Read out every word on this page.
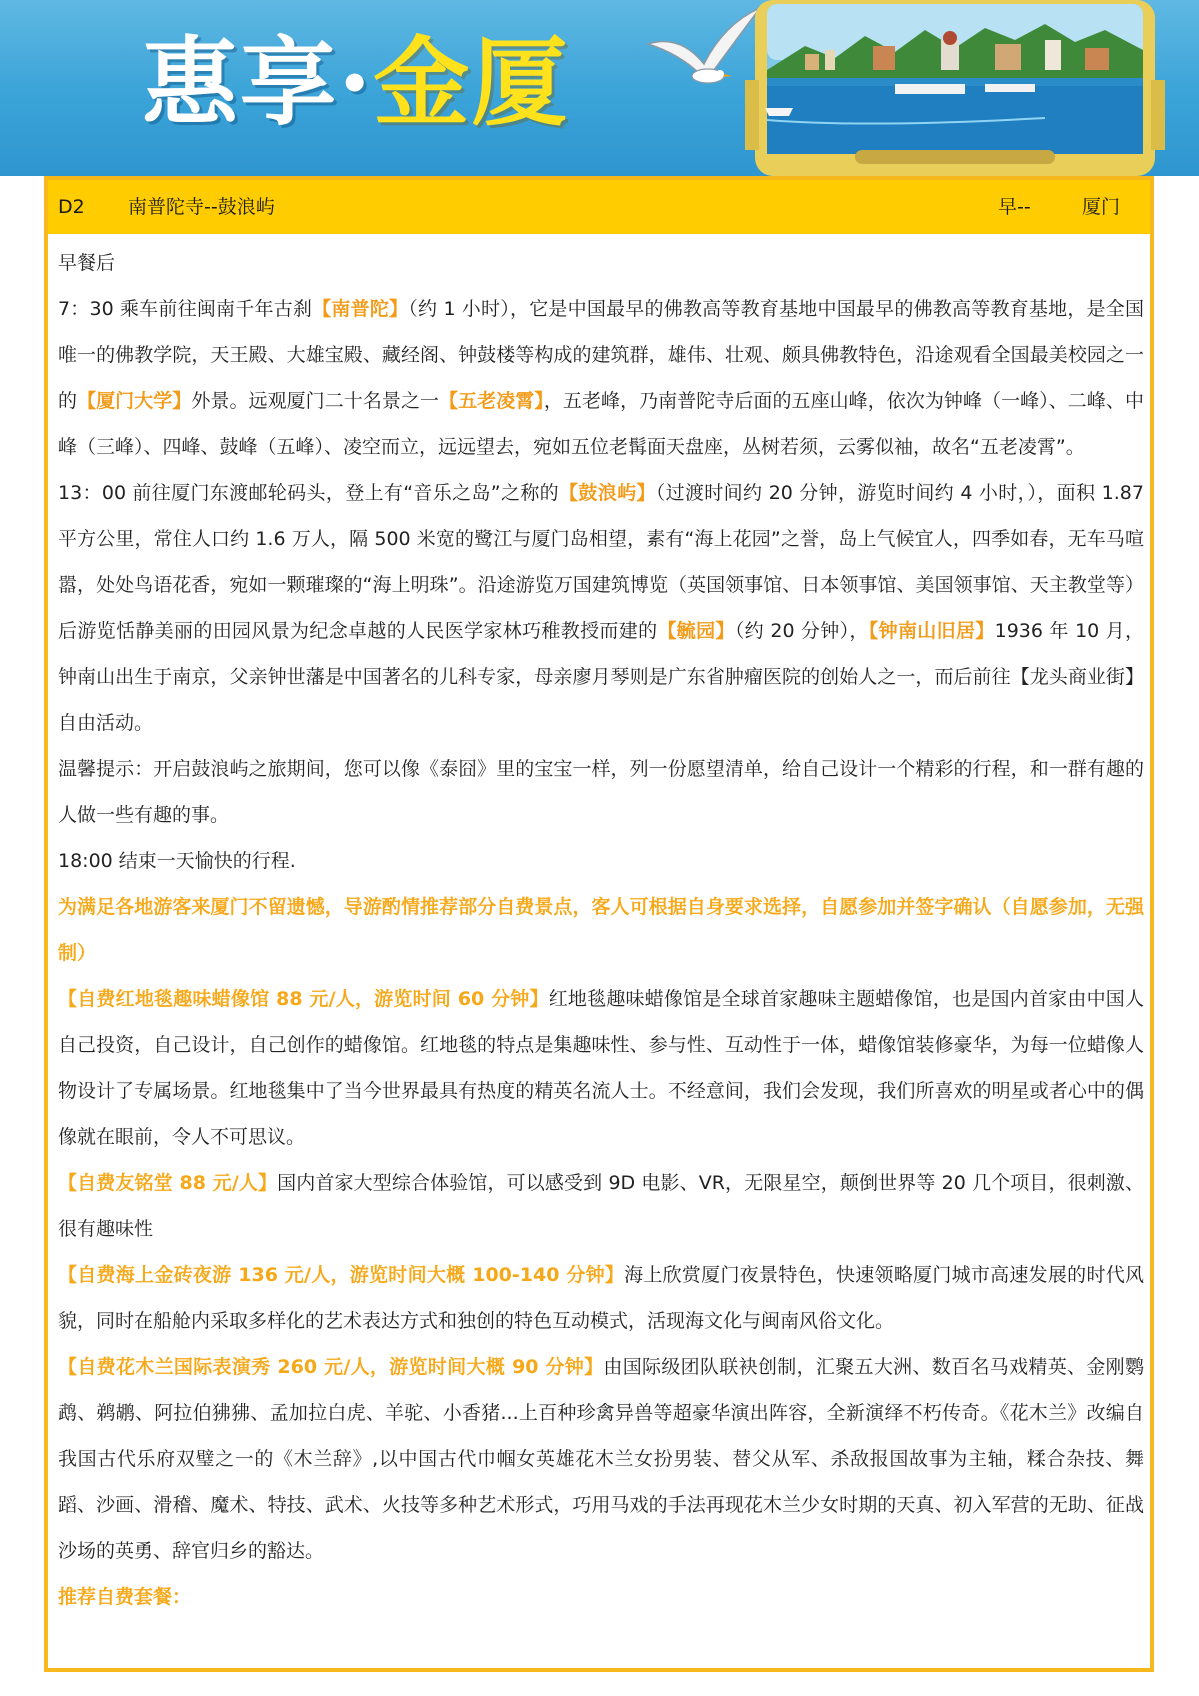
惠享·金厦
D2 南普陀寺--鼓浪屿	早--	厦门

早餐后

7：30 乘车前往闽南千年古刹【南普陀】（约 1 小时），它是中国最早的佛教高等教育基地中国最早的佛教高等教育基地，是全国唯一的佛教学院，天王殿、大雄宝殿、藏经阁、钟鼓楼等构成的建筑群，雄伟、壮观、颇具佛教特色，沿途观看全国最美校园之一的【厦门大学】外景。远观厦门二十名景之一【五老凌霄】，五老峰，乃南普陀寺后面的五座山峰，依次为钟峰（一峰）、二峰、中峰（三峰）、四峰、鼓峰（五峰）、凌空而立，远远望去，宛如五位老髯面天盘座，丛树若须，云雾似袖，故名“五老凌霄”。

13：00 前往厦门东渡邮轮码头，登上有“音乐之岛”之称的【鼓浪屿】（过渡时间约 20 分钟，游览时间约 4 小时，），面积 1.87 平方公里，常住人口约 1.6 万人，隔 500 米宽的鹭江与厦门岛相望，素有“海上花园”之誉，岛上气候宜人，四季如春，无车马喧嚣，处处鸟语花香，宛如一颗璀璨的“海上明珠”。沿途游览万国建筑博览（英国领事馆、日本领事馆、美国领事馆、天主教堂等）后游览恬静美丽的田园风景为纪念卓越的人民医学家林巧稚教授而建的【毓园】（约 20 分钟），【钟南山旧居】1936 年 10 月，钟南山出生于南京，父亲钟世藩是中国著名的儿科专家，母亲廖月琴则是广东省肿瘤医院的创始人之一，而后前往【龙头商业街】自由活动。

温馨提示：开启鼓浪屿之旅期间，您可以像《泰囧》里的宝宝一样，列一份愿望清单，给自己设计一个精彩的行程，和一群有趣的人做一些有趣的事。

18:00 结束一天愉快的行程.

为满足各地游客来厦门不留遗憾，导游酌情推荐部分自费景点，客人可根据自身要求选择，自愿参加并签字确认（自愿参加，无强制）

【自费红地毯趣味蜡像馆 88 元/人，游览时间 60 分钟】红地毯趣味蜡像馆是全球首家趣味主题蜡像馆，也是国内首家由中国人自己投资，自己设计，自己创作的蜡像馆。红地毯的特点是集趣味性、参与性、互动性于一体，蜡像馆装修豪华，为每一位蜡像人物设计了专属场景。红地毯集中了当今世界最具有热度的精英名流人士。不经意间，我们会发现，我们所喜欢的明星或者心中的偶像就在眼前，令人不可思议。

【自费友铭堂 88 元/人】国内首家大型综合体验馆，可以感受到 9D 电影、VR，无限星空，颠倒世界等 20 几个项目，很刺激、很有趣味性

【自费海上金砖夜游 136 元/人，游览时间大概 100-140 分钟】海上欣赏厦门夜景特色，快速领略厦门城市高速发展的时代风貌，同时在船舱内采取多样化的艺术表达方式和独创的特色互动模式，活现海文化与闽南风俗文化。

【自费花木兰国际表演秀 260 元/人，游览时间大概 90 分钟】由国际级团队联袂创制，汇聚五大洲、数百名马戏精英、金刚鹦鹉、鹈鹕、阿拉伯狒狒、孟加拉白虎、羊驼、小香猪...上百种珍禽异兽等超豪华演出阵容，全新演绎不朽传奇。《花木兰》改编自我国古代乐府双璧之一的《木兰辞》,以中国古代巾帼女英雄花木兰女扮男装、替父从军、杀敌报国故事为主轴，糅合杂技、舞蹈、沙画、滑稽、魔术、特技、武术、火技等多种艺术形式，巧用马戏的手法再现花木兰少女时期的天真、初入军营的无助、征战沙场的英勇、辞官归乡的豁达。

推荐自费套餐：
